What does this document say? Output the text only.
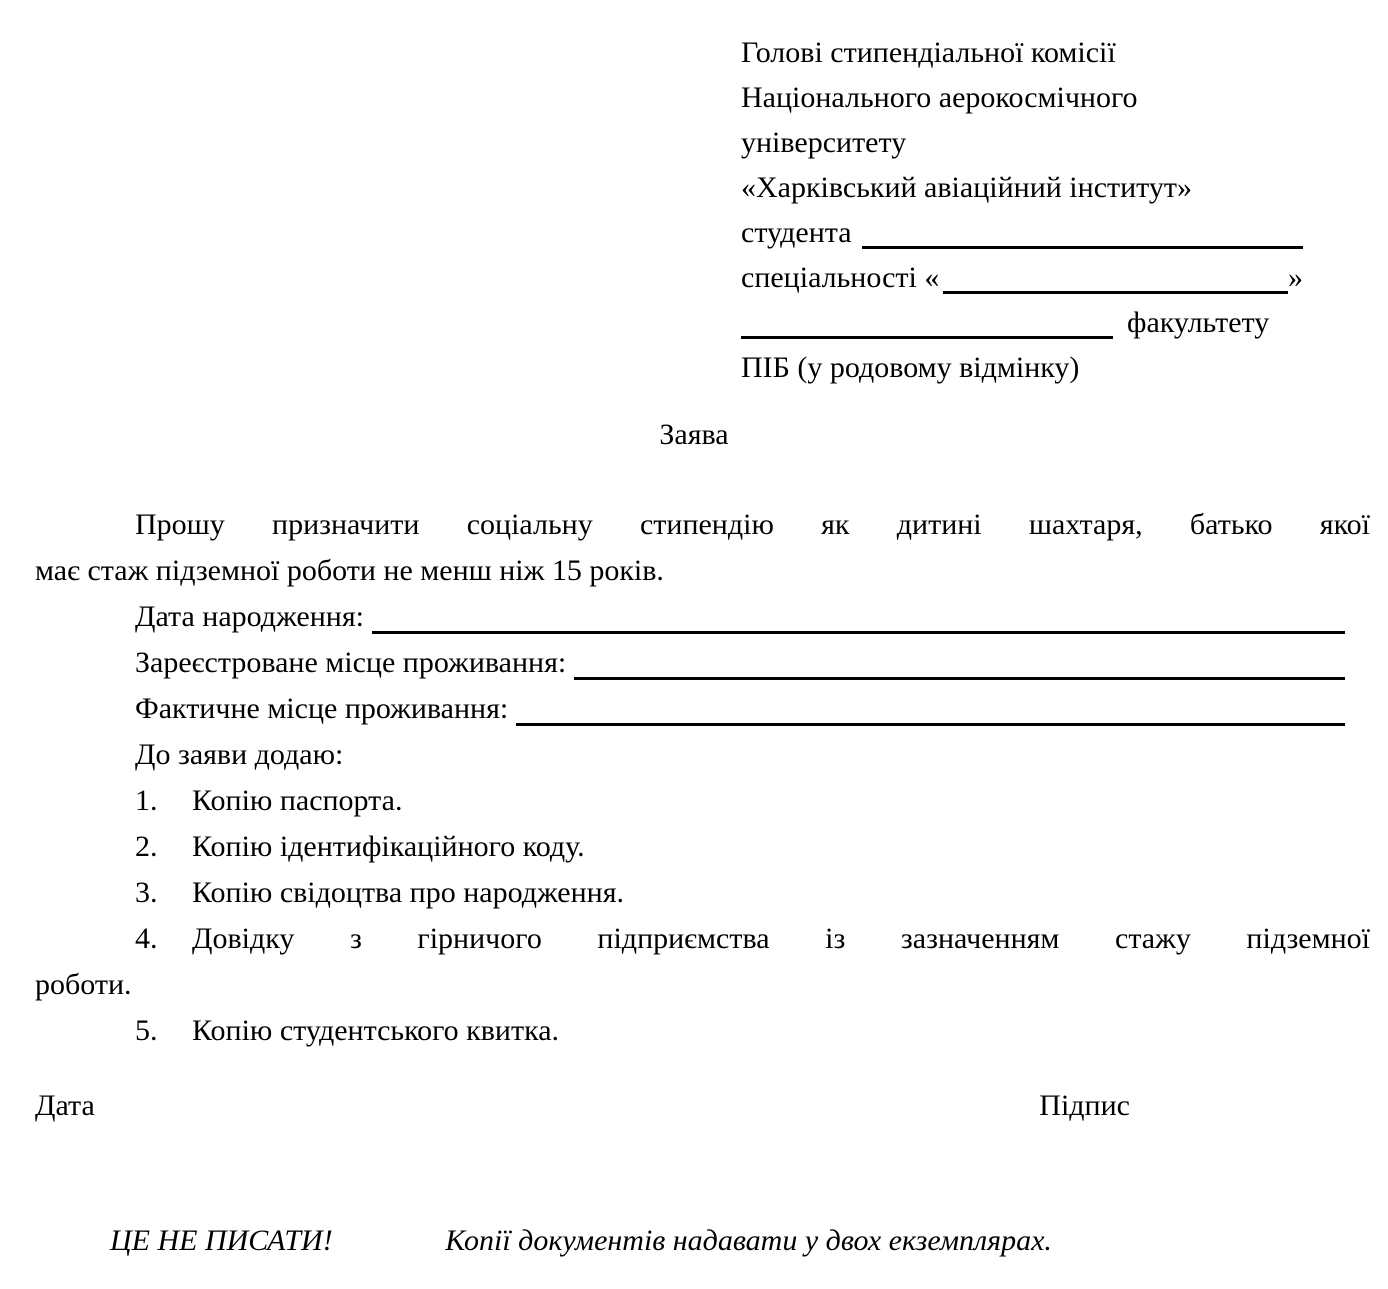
Голові стипендіальної комісії
Національного аерокосмічного
університету
«Харківський авіаційний інститут»
студента
спеціальності «	»
факультету
ПІБ (у родовому відмінку)
Заява
Прошу призначити соціальну стипендію як дитині шахтаря, батько якої
має стаж підземної роботи не менш ніж 15 років.
Дата народження:
Зареєстроване місце проживання:
Фактичне місце проживання:
До заяви додаю:
1. Копію паспорта.
2. Копію ідентифікаційного коду.
3. Копію свідоцтва про народження.
4. Довідку з гірничого підприємства із зазначенням стажу підземної
роботи.
5. Копію студентського квитка.
Дата	Підпис
ЦЕ НЕ ПИСАТИ!	Копії документів надавати у двох екземплярах.
